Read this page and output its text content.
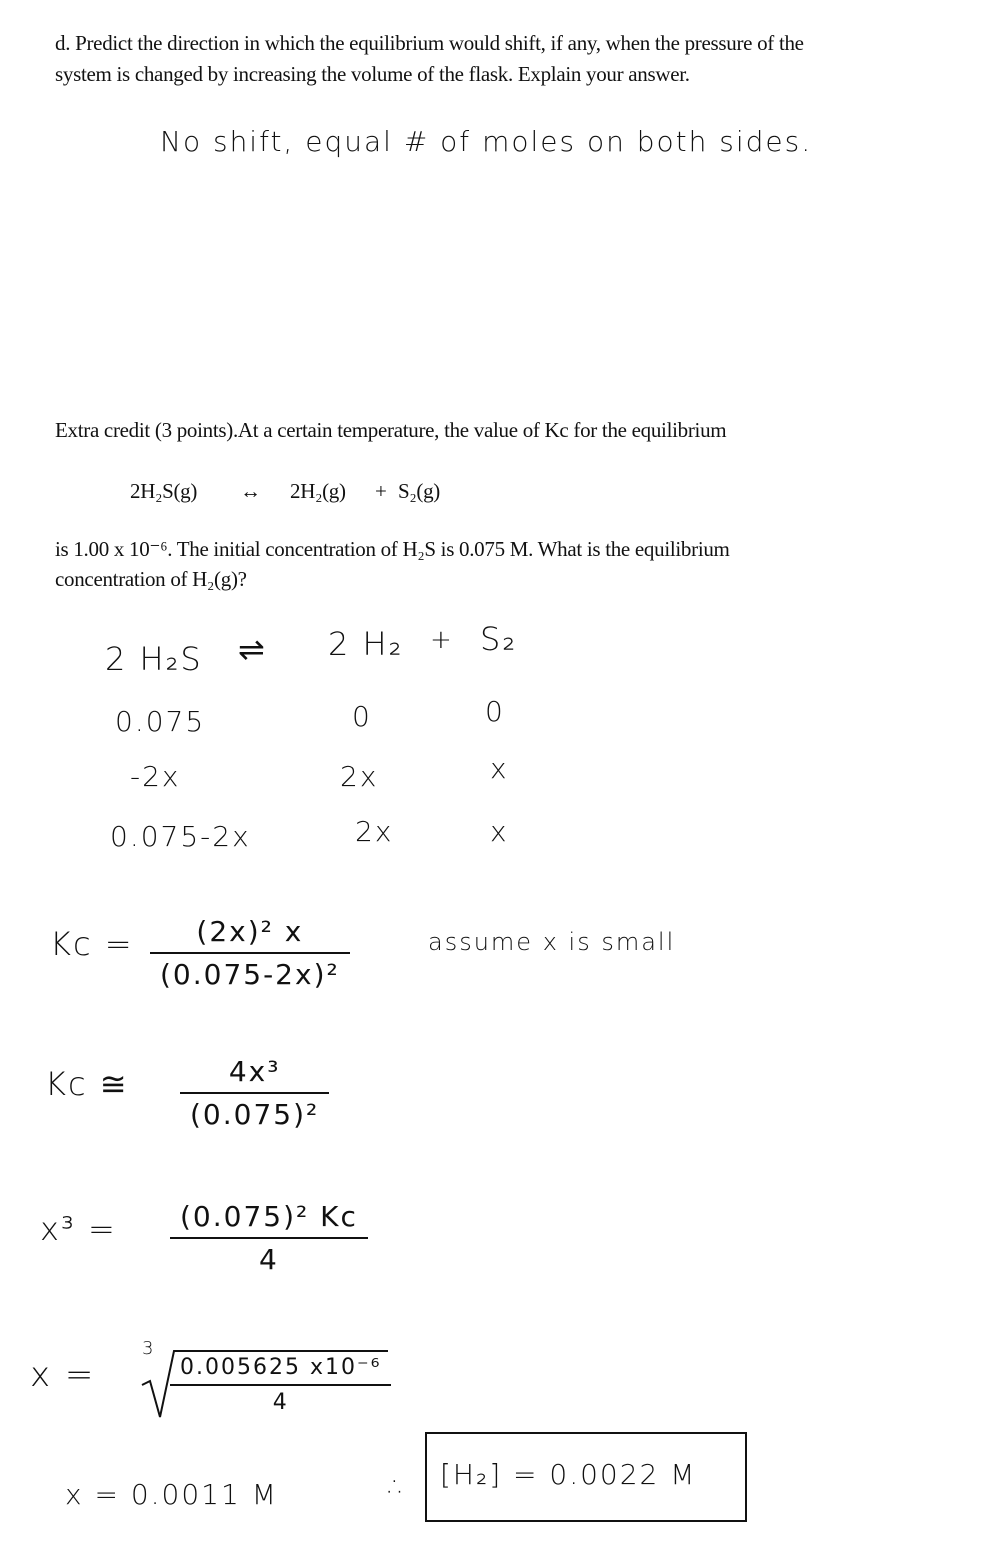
d. Predict the direction in which the equilibrium would shift, if any, when the pressure of the
system is changed by increasing the volume of the flask. Explain your answer.
No shift, equal # of moles on both sides.
Extra credit (3 points).At a certain temperature, the value of Kc for the equilibrium
2H₂S(g) ↔ 2H₂(g) + S₂(g)
is 1.00 x 10⁻⁶. The initial concentration of H₂S is 0.075 M. What is the equilibrium
concentration of H₂(g)?
2 H₂S ⇌ 2 H₂ + S₂
0.075	0	0
-2x	2x	x
0.075-2x	2x	x
Kc =	(2x)² x
(0.075-2x)²
assume x is small
Kc ≅	4x³
(0.075)²
x³ =	(0.075)² Kc
4
x =
3
0.005625 x10⁻⁶
4
x = 0.0011 M	∴ [H₂] = 0.0022 M
